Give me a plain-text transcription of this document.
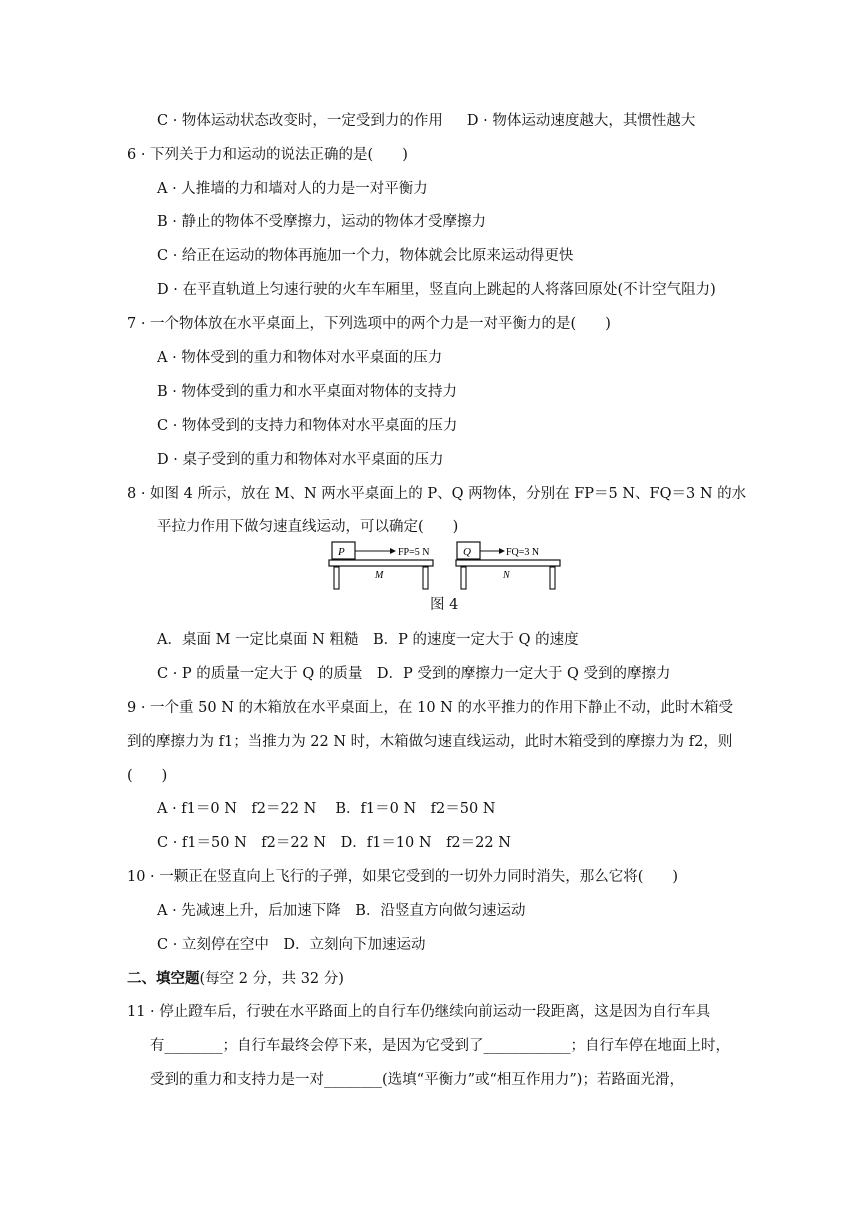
C · 物体运动状态改变时，一定受到力的作用 D · 物体运动速度越大，其惯性越大
6 · 下列关于力和运动的说法正确的是(　　)
A · 人推墙的力和墙对人的力是一对平衡力
B · 静止的物体不受摩擦力，运动的物体才受摩擦力
C · 给正在运动的物体再施加一个力，物体就会比原来运动得更快
D · 在平直轨道上匀速行驶的火车车厢里，竖直向上跳起的人将落回原处(不计空气阻力)
7 · 一个物体放在水平桌面上，下列选项中的两个力是一对平衡力的是(　　)
A · 物体受到的重力和物体对水平桌面的压力
B · 物体受到的重力和水平桌面对物体的支持力
C · 物体受到的支持力和物体对水平桌面的压力
D · 桌子受到的重力和物体对水平桌面的压力
8 · 如图 4 所示，放在 M、N 两水平桌面上的 P、Q 两物体，分别在 FP＝5 N、FQ＝3 N 的水
平拉力作用下做匀速直线运动，可以确定(　　)
P	FP=5 N
M
Q	FQ=3 N
N
图 4
A．桌面 M 一定比桌面 N 粗糙　B．P 的速度一定大于 Q 的速度
C · P 的质量一定大于 Q 的质量　D．P 受到的摩擦力一定大于 Q 受到的摩擦力
9 · 一个重 50 N 的木箱放在水平桌面上，在 10 N 的水平推力的作用下静止不动，此时木箱受
到的摩擦力为 f1；当推力为 22 N 时，木箱做匀速直线运动，此时木箱受到的摩擦力为 f2，则
(　　)
A · f1＝0 N　f2＝22 N　 B．f1＝0 N　f2＝50 N
C · f1＝50 N　f2＝22 N　D．f1＝10 N　f2＝22 N
10 · 一颗正在竖直向上飞行的子弹，如果它受到的一切外力同时消失，那么它将(　　)
A · 先减速上升，后加速下降　B．沿竖直方向做匀速运动
C · 立刻停在空中　D．立刻向下加速运动
二、填空题(每空 2 分，共 32 分)
11 · 停止蹬车后，行驶在水平路面上的自行车仍继续向前运动一段距离，这是因为自行车具
有________；自行车最终会停下来，是因为它受到了____________；自行车停在地面上时，
受到的重力和支持力是一对________(选填“平衡力”或“相互作用力”)；若路面光滑，
